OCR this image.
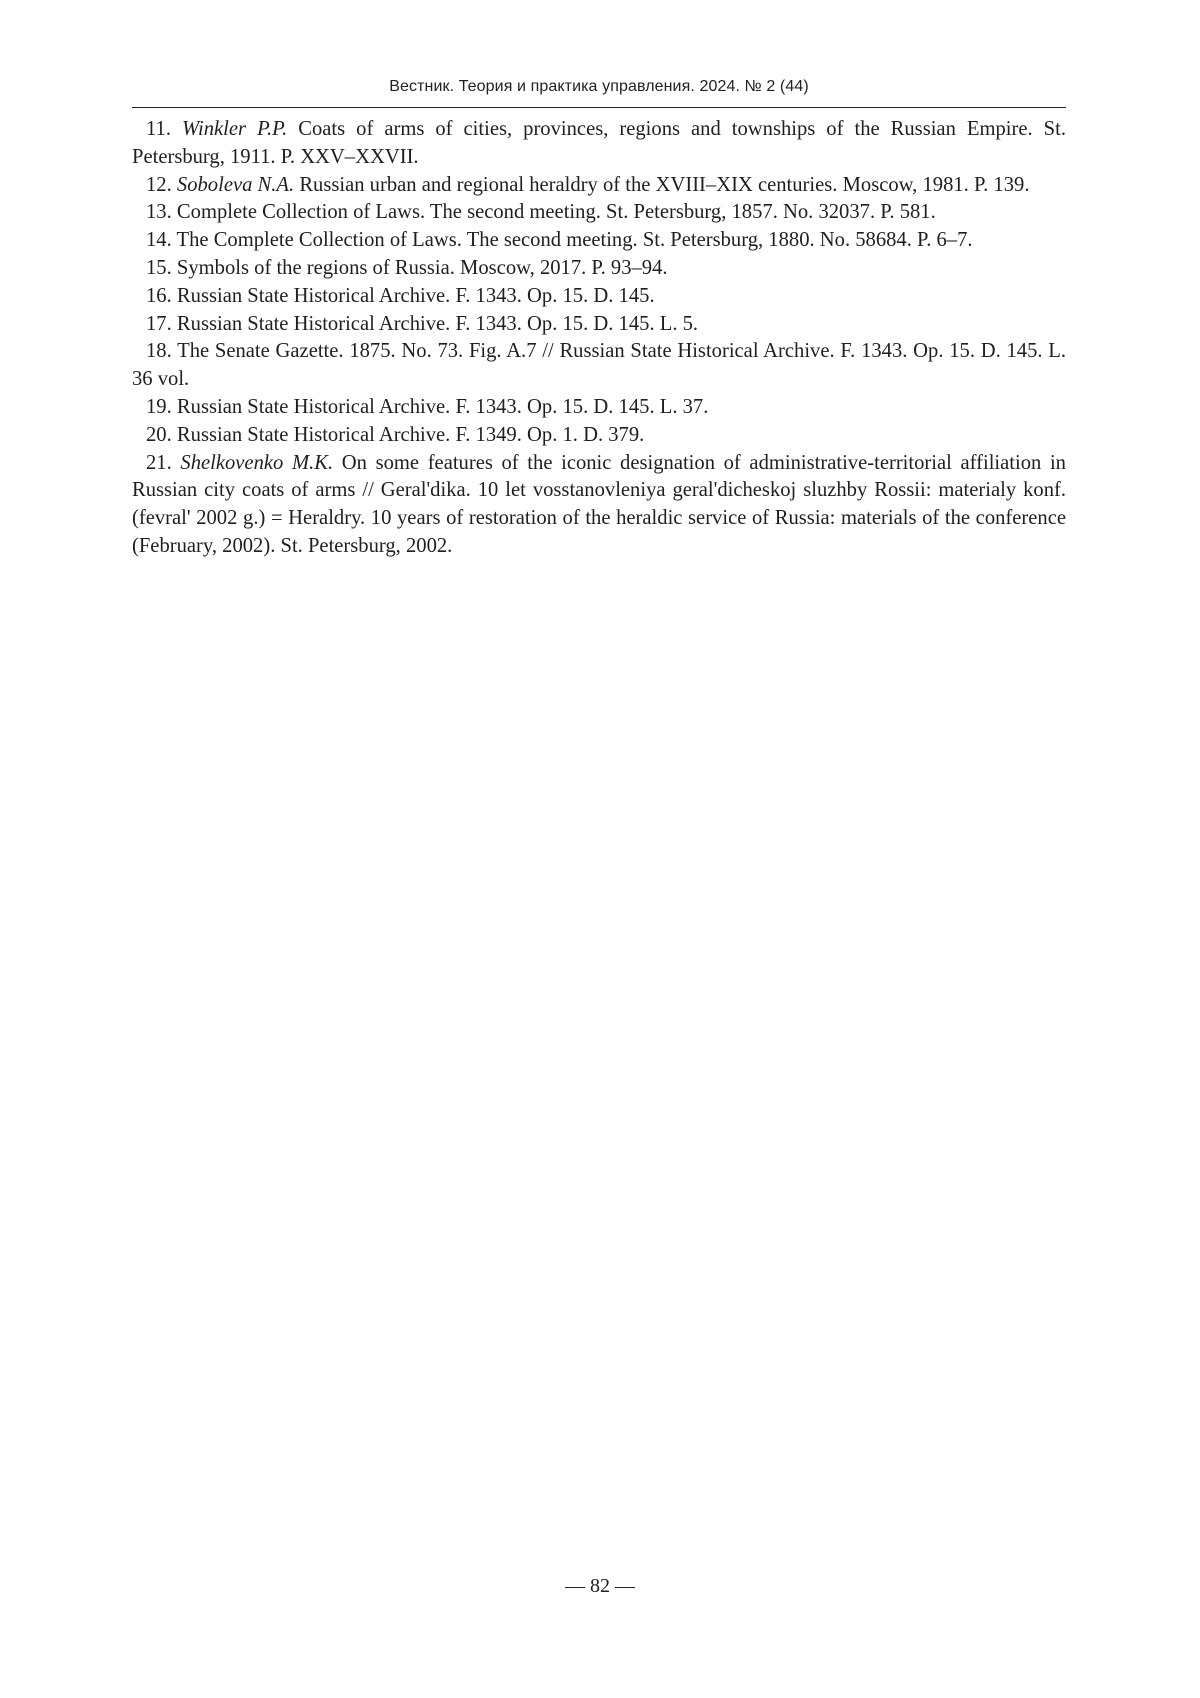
Вестник. Теория и практика управления. 2024. № 2 (44)

11. Winkler P.P. Coats of arms of cities, provinces, regions and townships of the Russian Empire. St. Petersburg, 1911. P. XXV–XXVII.

12. Soboleva N.A. Russian urban and regional heraldry of the XVIII–XIX centuries. Moscow, 1981. P. 139.

13. Complete Collection of Laws. The second meeting. St. Petersburg, 1857. No. 32037. P. 581.

14. The Complete Collection of Laws. The second meeting. St. Petersburg, 1880. No. 58684. P. 6–7.

15. Symbols of the regions of Russia. Moscow, 2017. P. 93–94.

16. Russian State Historical Archive. F. 1343. Op. 15. D. 145.

17. Russian State Historical Archive. F. 1343. Op. 15. D. 145. L. 5.

18. The Senate Gazette. 1875. No. 73. Fig. A.7 // Russian State Historical Archive. F. 1343. Op. 15. D. 145. L. 36 vol.

19. Russian State Historical Archive. F. 1343. Op. 15. D. 145. L. 37.

20. Russian State Historical Archive. F. 1349. Op. 1. D. 379.

21. Shelkovenko M.K. On some features of the iconic designation of administrative-territorial affiliation in Russian city coats of arms // Geral'dika. 10 let vosstanovleniya geral'dicheskoj sluzhby Rossii: materialy konf. (fevral' 2002 g.) = Heraldry. 10 years of restoration of the heraldic service of Russia: materials of the conference (February, 2002). St. Petersburg, 2002.

— 82 —
